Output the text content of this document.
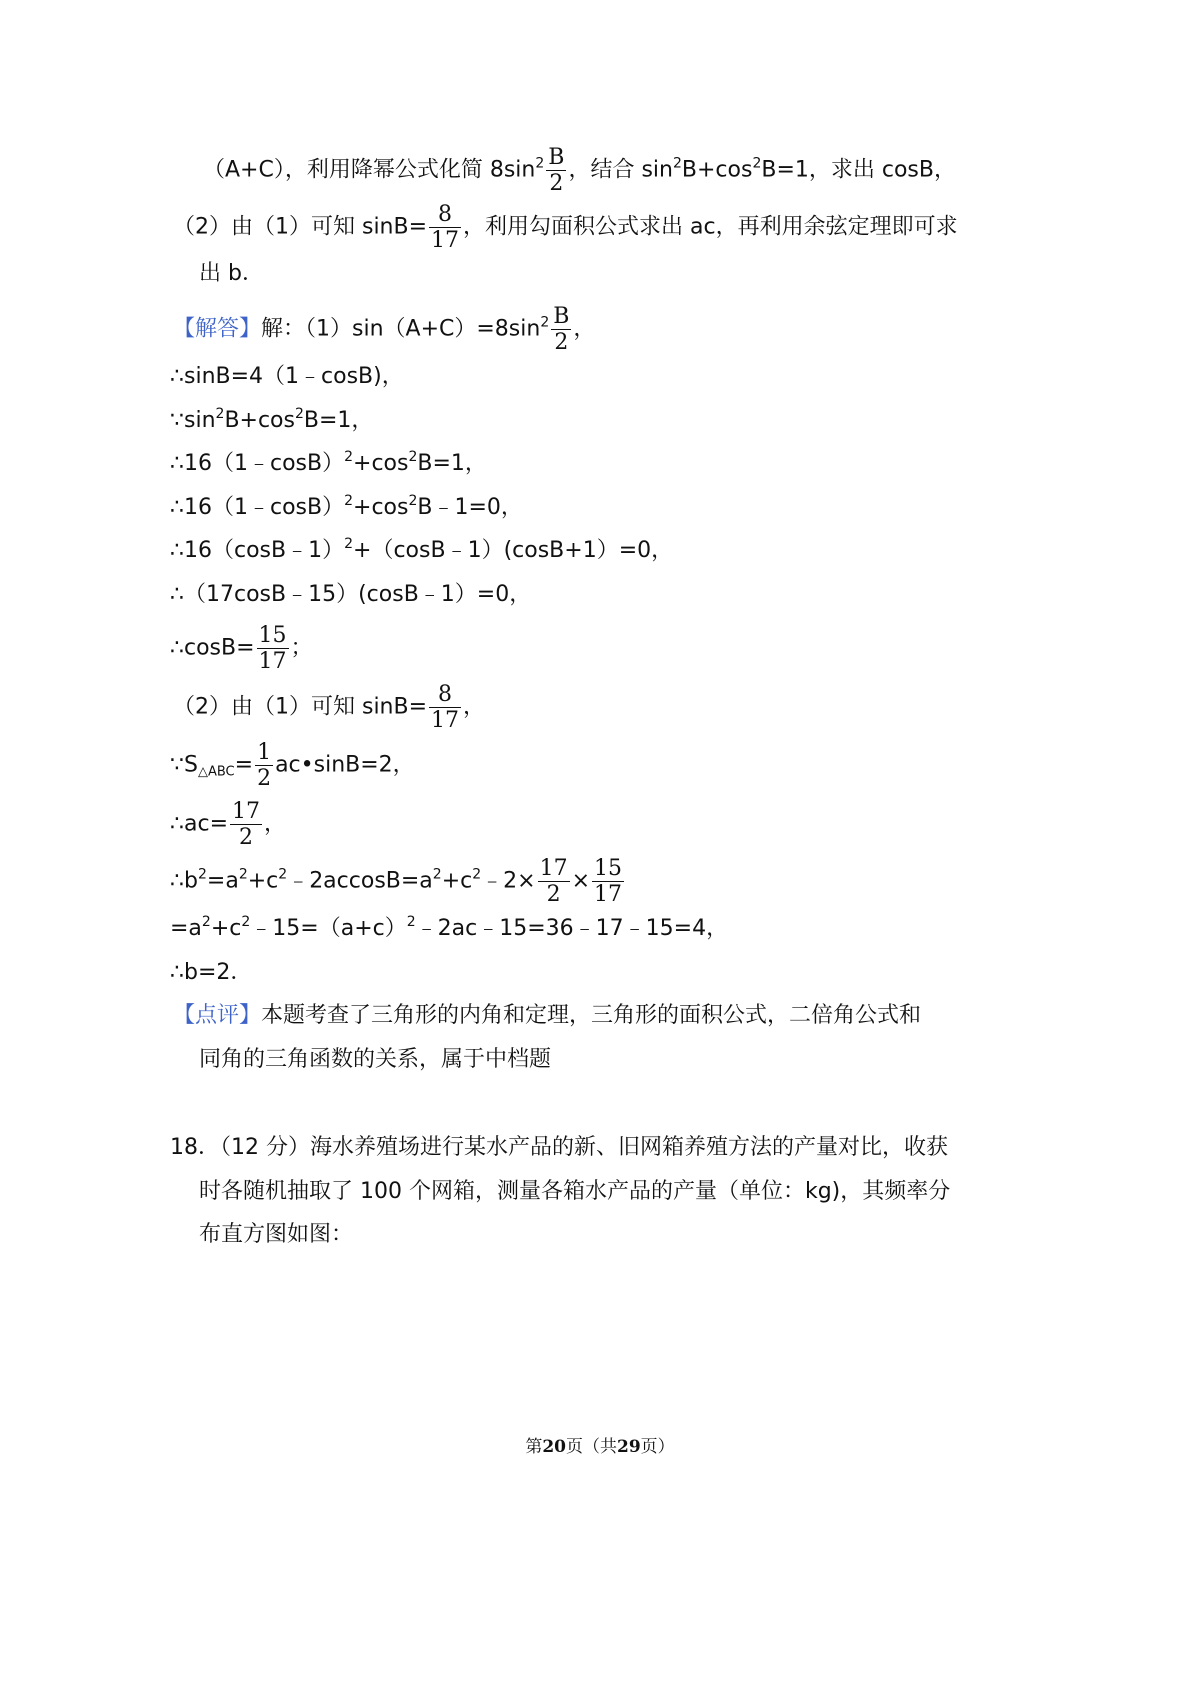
（A+C），利用降幂公式化简 $8\sin^2 \frac{B}{2}$ ，结合 $\sin^2B+\cos^2B=1$，求出 cosB，
（2）由（1）可知 $\sin B= \frac{8}{17}$ ，利用勾面积公式求出 ac，再利用余弦定理即可求
出 b．
【解答】解：$(1)\sin(A+C)=8\sin^2 \frac{B}{2}$ ，
∴sinB=4（1﹣cosB)，
$\because\sin^2B+\cos^2B=1$，
$\therefore 16(1﹣\cos B)^2+\cos^2B=1$，
$\therefore 16(1﹣\cos B)^2+\cos^2B﹣1=0$，
∴16（cosB﹣1）$^2$+（cosB﹣1）(cosB+1）=0，
∴（17cosB﹣15）(cosB﹣1）=0，
∴cosB= $\frac{15}{17}$ ；
（2）由（1）可知 $\sin B= \frac{8}{17}$ ，
$\because S_{\triangle ABC}= \frac{1}{2}$ ac•sinB=2，
∴ac= $\frac{17}{2}$ ，
$\therefore b^2=a^2+c^2﹣2accosB=a^2+c^2﹣2\times \frac{17}{2} \times \frac{15}{17}$
$=a^2+c^2﹣15=(a+c)^2﹣2ac﹣15=36﹣17﹣15=4$，
∴b=2．
【点评】本题考查了三角形的内角和定理，三角形的面积公式，二倍角公式和
同角的三角函数的关系，属于中档题
18．（12 分）海水养殖场进行某水产品的新、旧网箱养殖方法的产量对比，收获
时各随机抽取了 100 个网箱，测量各箱水产品的产量（单位：kg)，其频率分
布直方图如图：
第20页（共29页）
